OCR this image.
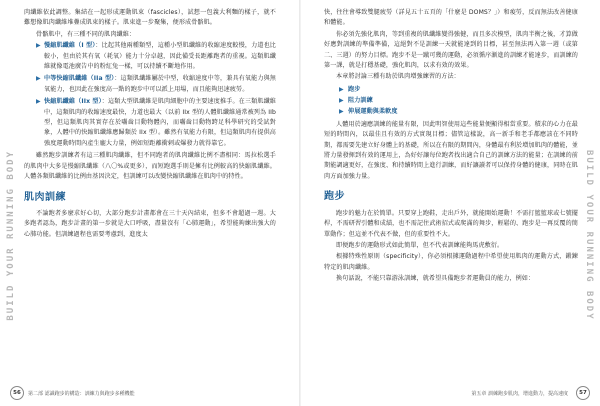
肉纖維依此調整。集結在一起形成運動肌束（fascicles），試想一包義大利麵的樣子，就不難想像肌肉纖維堆疊成肌束的樣子。肌束進一步聚集，便形成骨骼肌。

骨骼肌中，有三種不同的肌肉纖維：

▶ 慢縮肌纖維（I 型）：比起其他兩種類型，這種小型肌纖維的收縮速度較慢，力道也比較小，但由於其有氧（耗氧）能力十分卓越，因此備受長距離跑者的重視。這類肌纖維就像電池廣告中的粉紅兔一樣，可以持續不斷地作用。
▶ 中等快縮肌纖維（IIa 型）：這類肌纖維屬於中型，收縮速度中等，兼具有氧能力與無氧能力，也因此在強度高一點的跑步中可以派上用場，而且能夠迅速疲勞。
▶ 快縮肌纖維（IIx 型）：這類大型肌纖維是肌肉細胞中的主要速度推手。在三類肌纖維中，這類肌肉的收縮速度最快，力道也最大（以前 IIx 型的人體肌纖維通常被列為 IIb 型，但這類肌肉其實存在於囓齒目動物體內，而囓齒目動物跨足科學研究的受試對象，人體中的快縮肌纖維應歸類於 IIx 型）。雖然有氧能力有限，但這類肌肉有提供高強度運動時間內產生龐大力量，例如短距離衝刺或爆發力就得靠它。

雖然跑步訓練者有這三種肌肉纖維，但不同跑者的肌肉纖維比例不盡相同：馬拉松選手的肌肉中大多是慢縮肌纖維（八〇%或更多），而短跑選手則是擁有比例較高的快縮肌纖維。人體各類肌纖維的比例由基因決定，但訓練可以改變快縮肌纖維在肌肉中的特性。

肌肉訓練

不論跑者多麼求好心切，大部分跑步計畫都會在三十天內結束，但多不會超過一週。大多跑者認為，跑步計畫的第一步就是大口呼吸，盡量沒有「心肺運動」，希望能夠練出強大的心肺功能。但訓練過程也需要考慮到，進度太

BUILD YOUR RUNNING BODY
56	第二部 認識跑步的構造：訓練力與跑步多種機能

快，往往會導致雙腿疲勞（詳見五十五頁的「什麼是 DOMS？」）和痠勞，反而無法改善健康和體能。

你必須先強化肌肉，等到重複的肌纖維變得強健，而且多次模型，肌肉半衡之後，才算做好應對訓練的準備準備，這絕對不是訓練一天就能達到的目標，甚至無法再入第一週（或第二、三週）的努力目標。跑步不是一蹴可幾的運動，必須循序漸進的訓練才能達步，而訓練的第一課，就是打穩基礎，強化肌肉，以求有效的效果。

本章將討論三種有助於肌肉增強練習的方法：

▶ 跑步
▶ 阻力訓練
▶ 伸展運動與柔軟度

人體用於適應訓練的能量有限，因此明智使用這些能量便顯得相當重要。積求的心力在最短的時間內，以最佳且有效的方式實現目標；儘管這樣說，高一新手和老手都應該在不同時期，都需要先建立好身體上的基礎，所以在有限的期間內，身體最有利於增加肌肉的體能，並將力量發揮到有效的運用上，為好好讓每位跑者找出適合自己的訓練方法的能量；在訓練的前期能調適更好，在強度、和持續時間上進行訓練，而好讓讀者可以保持身體的健康，同時在肌肉方面加強力量。

跑步

跑步的魅力在於簡單。只要穿上跑鞋，走出戶外，就能開始運動！不需打籃籃球或七號擺桿，不需研習引體和成績，也不需記住武術招式或爬滿的舞步，輕鬆的、跑步是一再反覆的簡單動作；但這並不代表不做，但的重要性不大。

即便跑步的運動形式如此簡單，但不代表訓練能夠馬虎敷衍。

根據特殊性原則（specificity），你必須根據運動過程中希望使用肌肉的運動方式，鍛鍊特定的肌肉纖維。

換句話說，不能只靠游泳訓練，就希望具備跑步者運動員的能力，例如：	BUILD YOUR RUNNING BODY
第五章 訓練跑步肌肉，增進動力，提高速度	57
